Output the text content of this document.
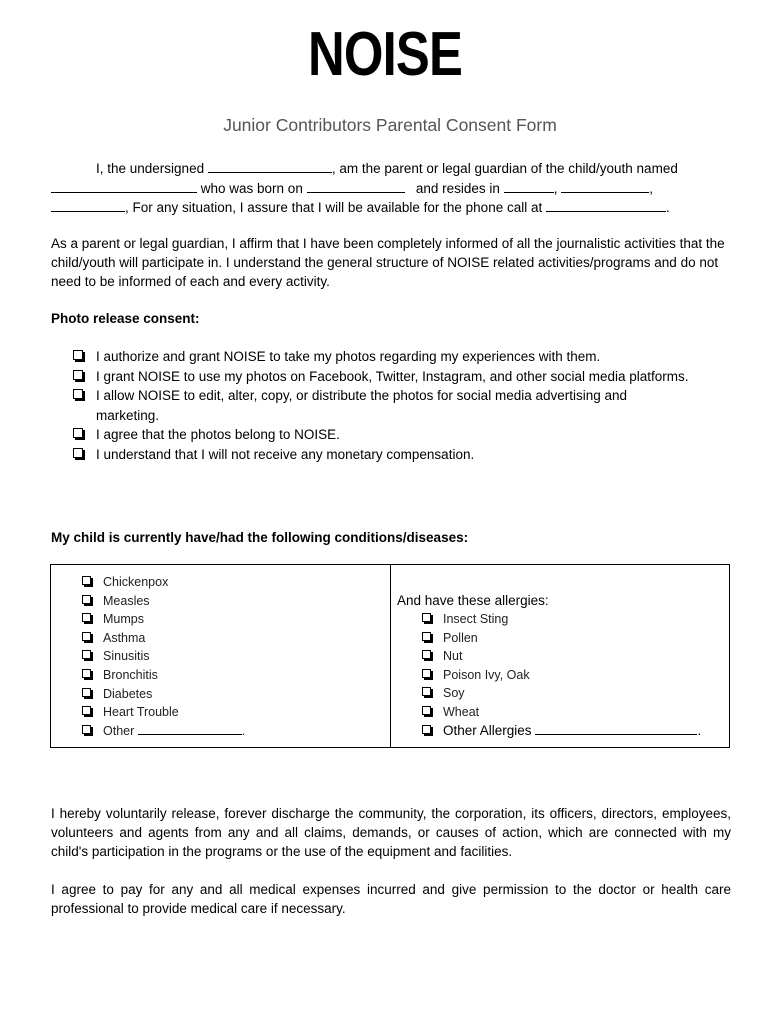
NOISE
Junior Contributors Parental Consent Form
I, the undersigned	, am the parent or legal guardian of the child/youth named
who was born on	and resides in	,	,
, For any situation, I assure that I will be available for the phone call at	.
As a parent or legal guardian, I affirm that I have been completely informed of all the journalistic activities that the child/youth will participate in. I understand the general structure of NOISE related activities/programs and do not need to be informed of each and every activity.
Photo release consent:
I authorize and grant NOISE to take my photos regarding my experiences with them.
I grant NOISE to use my photos on Facebook, Twitter, Instagram, and other social media platforms.
I allow NOISE to edit, alter, copy, or distribute the photos for social media advertising and marketing.
I agree that the photos belong to NOISE.
I understand that I will not receive any monetary compensation.
My child is currently have/had the following conditions/diseases:
Chickenpox
Measles
Mumps
Asthma
Sinusitis
Bronchitis
Diabetes
Heart Trouble
Other	.
And have these allergies:
Insect Sting
Pollen
Nut
Poison Ivy, Oak
Soy
Wheat
Other Allergies	.
I hereby voluntarily release, forever discharge the community, the corporation, its officers, directors, employees, volunteers and agents from any and all claims, demands, or causes of action, which are connected with my child's participation in the programs or the use of the equipment and facilities.
I agree to pay for any and all medical expenses incurred and give permission to the doctor or health care professional to provide medical care if necessary.
